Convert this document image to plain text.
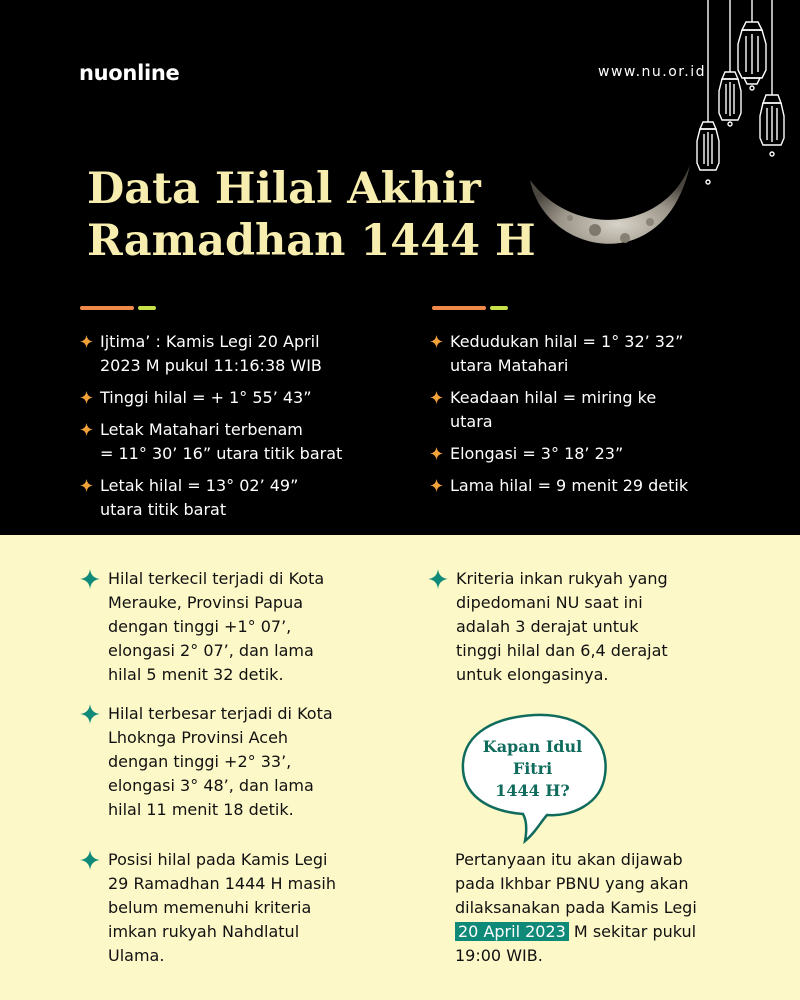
nuonline	www.nu.or.id
Data Hilal Akhir
Ramadhan 1444 H
Ijtima’ : Kamis Legi 20 April
2023 M pukul 11:16:38 WIB
Tinggi hilal = + 1° 55’ 43”
Letak Matahari terbenam
= 11° 30’ 16” utara titik barat
Letak hilal = 13° 02’ 49”
utara titik barat
Kedudukan hilal = 1° 32’ 32”
utara Matahari
Keadaan hilal = miring ke
utara
Elongasi = 3° 18’ 23”
Lama hilal = 9 menit 29 detik
Hilal terkecil terjadi di Kota
Merauke, Provinsi Papua
dengan tinggi +1° 07’,
elongasi 2° 07’, dan lama
hilal 5 menit 32 detik.
Hilal terbesar terjadi di Kota
Lhoknga Provinsi Aceh
dengan tinggi +2° 33’,
elongasi 3° 48’, dan lama
hilal 11 menit 18 detik.
Posisi hilal pada Kamis Legi
29 Ramadhan 1444 H masih
belum memenuhi kriteria
imkan rukyah Nahdlatul
Ulama.
Kriteria inkan rukyah yang
dipedomani NU saat ini
adalah 3 derajat untuk
tinggi hilal dan 6,4 derajat
untuk elongasinya.
Kapan Idul Fitri
1444 H?

Pertanyaan itu akan dijawab
pada Ikhbar PBNU yang akan
dilaksanakan pada Kamis Legi
20 April 2023 M sekitar pukul
19:00 WIB.
